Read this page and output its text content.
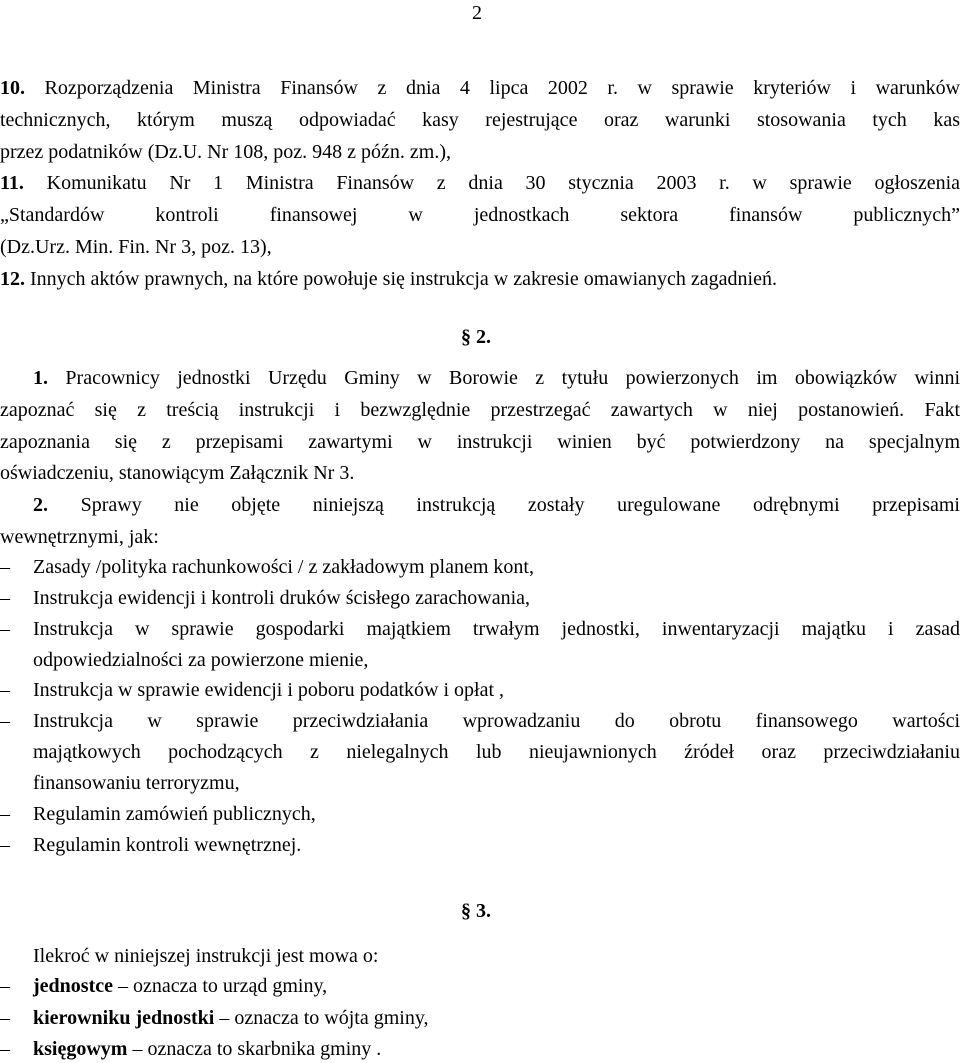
2
10. Rozporządzenia Ministra Finansów z dnia 4 lipca 2002 r. w sprawie kryteriów i warunków
technicznych, którym muszą odpowiadać kasy rejestrujące oraz warunki stosowania tych kas
przez podatników (Dz.U. Nr 108, poz. 948 z późn. zm.),
11. Komunikatu Nr 1 Ministra Finansów z dnia 30 stycznia 2003 r. w sprawie ogłoszenia
„Standardów kontroli finansowej w jednostkach sektora finansów publicznych”
(Dz.Urz. Min. Fin. Nr 3, poz. 13),
12. Innych aktów prawnych, na które powołuje się instrukcja w zakresie omawianych zagadnień.
§ 2.
1. Pracownicy jednostki Urzędu Gminy w Borowie z tytułu powierzonych im obowiązków winni
zapoznać się z treścią instrukcji i bezwzględnie przestrzegać zawartych w niej postanowień. Fakt
zapoznania się z przepisami zawartymi w instrukcji winien być potwierdzony na specjalnym
oświadczeniu, stanowiącym Załącznik Nr 3.
2. Sprawy nie objęte niniejszą instrukcją zostały uregulowane odrębnymi przepisami
wewnętrznymi, jak:
–	Zasady /polityka rachunkowości / z zakładowym planem kont,
–	Instrukcja ewidencji i kontroli druków ścisłego zarachowania,
–	Instrukcja w sprawie gospodarki majątkiem trwałym jednostki, inwentaryzacji majątku i zasad
odpowiedzialności za powierzone mienie,
–	Instrukcja w sprawie ewidencji i poboru podatków i opłat ,
–	Instrukcja w sprawie przeciwdziałania wprowadzaniu do obrotu finansowego wartości
majątkowych pochodzących z nielegalnych lub nieujawnionych źródeł oraz przeciwdziałaniu
finansowaniu terroryzmu,
–	Regulamin zamówień publicznych,
–	Regulamin kontroli wewnętrznej.
§ 3.
Ilekroć w niniejszej instrukcji jest mowa o:
–	jednostce – oznacza to urząd gminy,
–	kierowniku jednostki – oznacza to wójta gminy,
–	księgowym – oznacza to skarbnika gminy .
